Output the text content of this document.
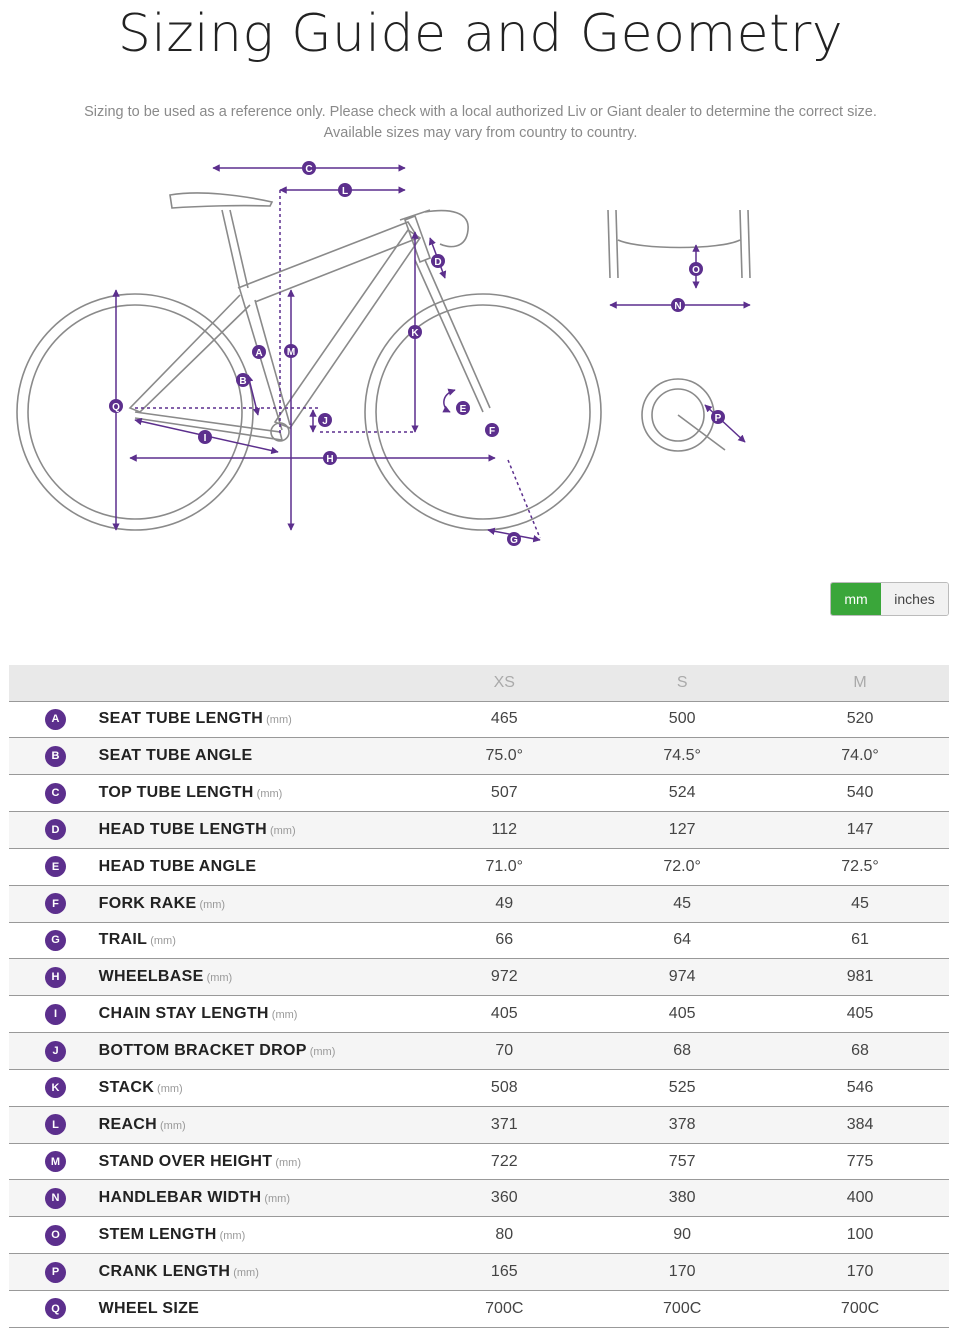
Sizing Guide and Geometry
Sizing to be used as a reference only. Please check with a local authorized Liv or Giant dealer to determine the correct size.
Available sizes may vary from country to country.
C
L
D
K
M
A
B
Q
J
I
H
E
F
G
O
N
P
mm	inches
		XS	S	M
A	SEAT TUBE LENGTH (mm)	465	500	520
B	SEAT TUBE ANGLE	75.0°	74.5°	74.0°
C	TOP TUBE LENGTH (mm)	507	524	540
D	HEAD TUBE LENGTH (mm)	112	127	147
E	HEAD TUBE ANGLE	71.0°	72.0°	72.5°
F	FORK RAKE (mm)	49	45	45
G	TRAIL (mm)	66	64	61
H	WHEELBASE (mm)	972	974	981
I	CHAIN STAY LENGTH (mm)	405	405	405
J	BOTTOM BRACKET DROP (mm)	70	68	68
K	STACK (mm)	508	525	546
L	REACH (mm)	371	378	384
M	STAND OVER HEIGHT (mm)	722	757	775
N	HANDLEBAR WIDTH (mm)	360	380	400
O	STEM LENGTH (mm)	80	90	100
P	CRANK LENGTH (mm)	165	170	170
Q	WHEEL SIZE	700C	700C	700C
